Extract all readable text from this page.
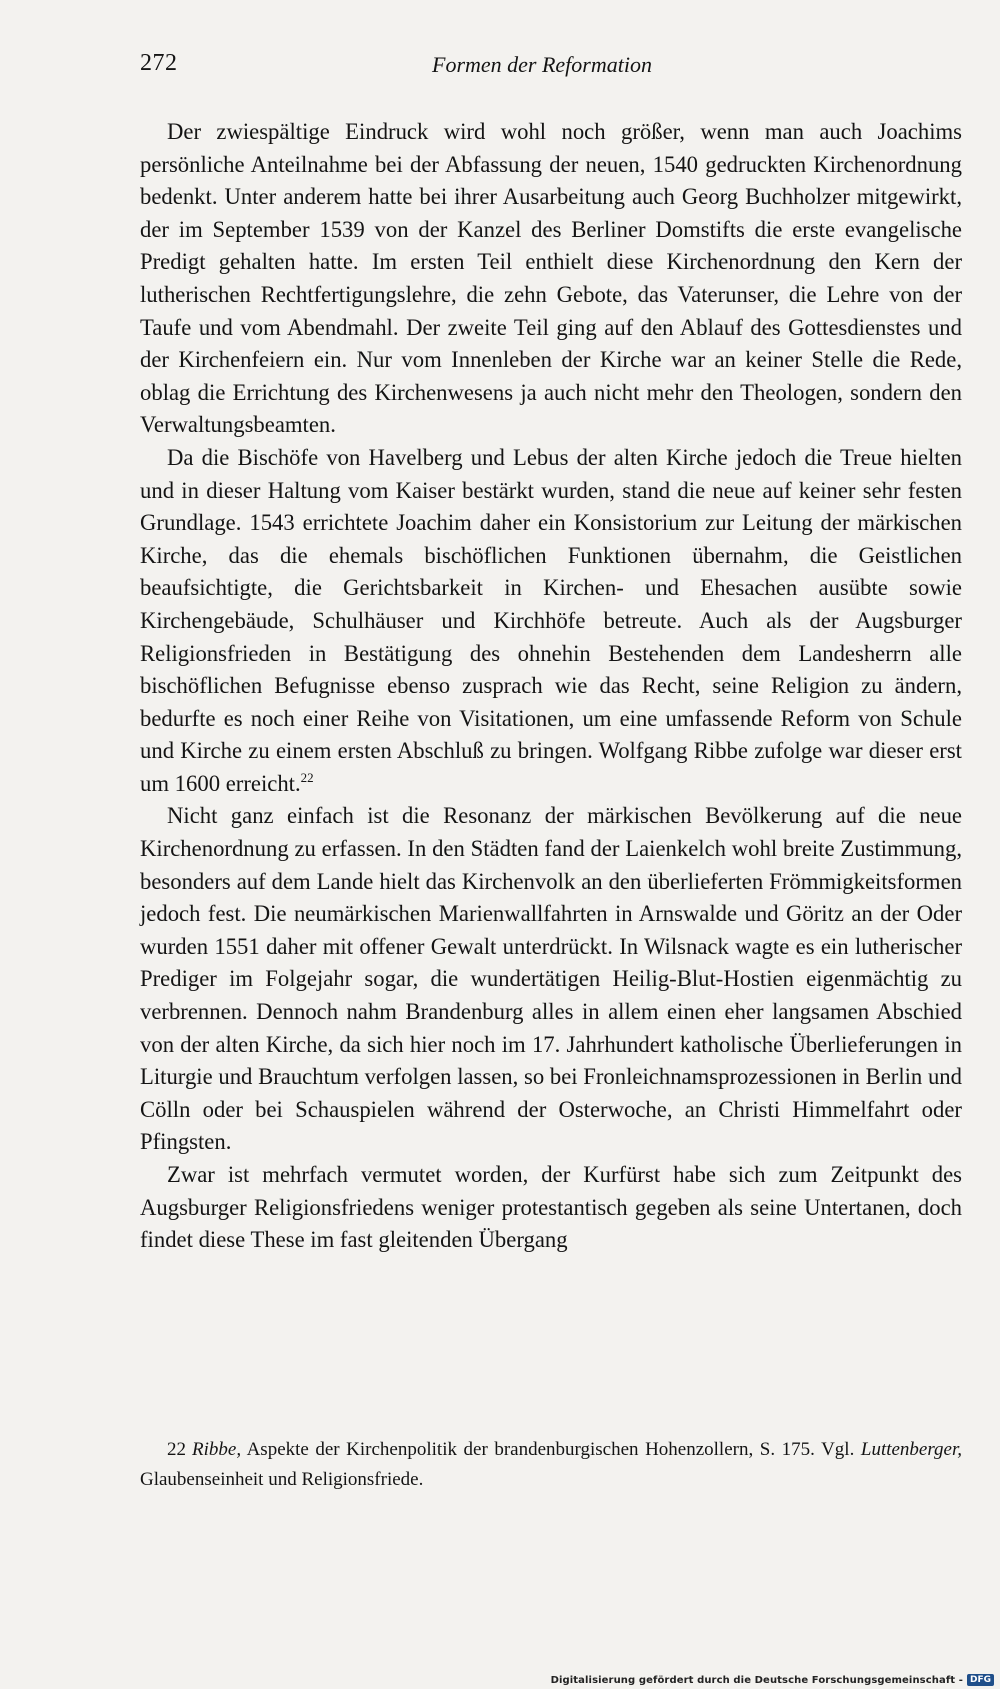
272	Formen der Reformation

Der zwiespältige Eindruck wird wohl noch größer, wenn man auch Joachims persönliche Anteilnahme bei der Abfassung der neuen, 1540 gedruckten Kirchenordnung bedenkt. Unter anderem hatte bei ihrer Ausarbeitung auch Georg Buchholzer mitgewirkt, der im September 1539 von der Kanzel des Berliner Domstifts die erste evangelische Predigt gehalten hatte. Im ersten Teil enthielt diese Kirchenordnung den Kern der lutherischen Rechtfertigungslehre, die zehn Gebote, das Vaterunser, die Lehre von der Taufe und vom Abendmahl. Der zweite Teil ging auf den Ablauf des Gottesdienstes und der Kirchenfeiern ein. Nur vom Innenleben der Kirche war an keiner Stelle die Rede, oblag die Errichtung des Kirchenwesens ja auch nicht mehr den Theologen, sondern den Verwaltungsbeamten.

Da die Bischöfe von Havelberg und Lebus der alten Kirche jedoch die Treue hielten und in dieser Haltung vom Kaiser bestärkt wurden, stand die neue auf keiner sehr festen Grundlage. 1543 errichtete Joachim daher ein Konsistorium zur Leitung der märkischen Kirche, das die ehemals bischöflichen Funktionen übernahm, die Geistlichen beaufsichtigte, die Gerichtsbarkeit in Kirchen- und Ehesachen ausübte sowie Kirchengebäude, Schulhäuser und Kirchhöfe betreute. Auch als der Augsburger Religionsfrieden in Bestätigung des ohnehin Bestehenden dem Landesherrn alle bischöflichen Befugnisse ebenso zusprach wie das Recht, seine Religion zu ändern, bedurfte es noch einer Reihe von Visitationen, um eine umfassende Reform von Schule und Kirche zu einem ersten Abschluß zu bringen. Wolfgang Ribbe zufolge war dieser erst um 1600 erreicht.$^{22}$

Nicht ganz einfach ist die Resonanz der märkischen Bevölkerung auf die neue Kirchenordnung zu erfassen. In den Städten fand der Laienkelch wohl breite Zustimmung, besonders auf dem Lande hielt das Kirchenvolk an den überlieferten Frömmigkeitsformen jedoch fest. Die neumärkischen Marienwallfahrten in Arnswalde und Göritz an der Oder wurden 1551 daher mit offener Gewalt unterdrückt. In Wilsnack wagte es ein lutherischer Prediger im Folgejahr sogar, die wundertätigen Heilig-Blut-Hostien eigenmächtig zu verbrennen. Dennoch nahm Brandenburg alles in allem einen eher langsamen Abschied von der alten Kirche, da sich hier noch im 17. Jahrhundert katholische Überlieferungen in Liturgie und Brauchtum verfolgen lassen, so bei Fronleichnamsprozessionen in Berlin und Cölln oder bei Schauspielen während der Osterwoche, an Christi Himmelfahrt oder Pfingsten.

Zwar ist mehrfach vermutet worden, der Kurfürst habe sich zum Zeitpunkt des Augsburger Religionsfriedens weniger protestantisch gegeben als seine Untertanen, doch findet diese These im fast gleitenden Übergang

22 Ribbe, Aspekte der Kirchenpolitik der brandenburgischen Hohenzollern, S. 175. Vgl. Luttenberger, Glaubenseinheit und Religionsfriede.

Digitalisierung gefördert durch die Deutsche Forschungsgemeinschaft - DFG
